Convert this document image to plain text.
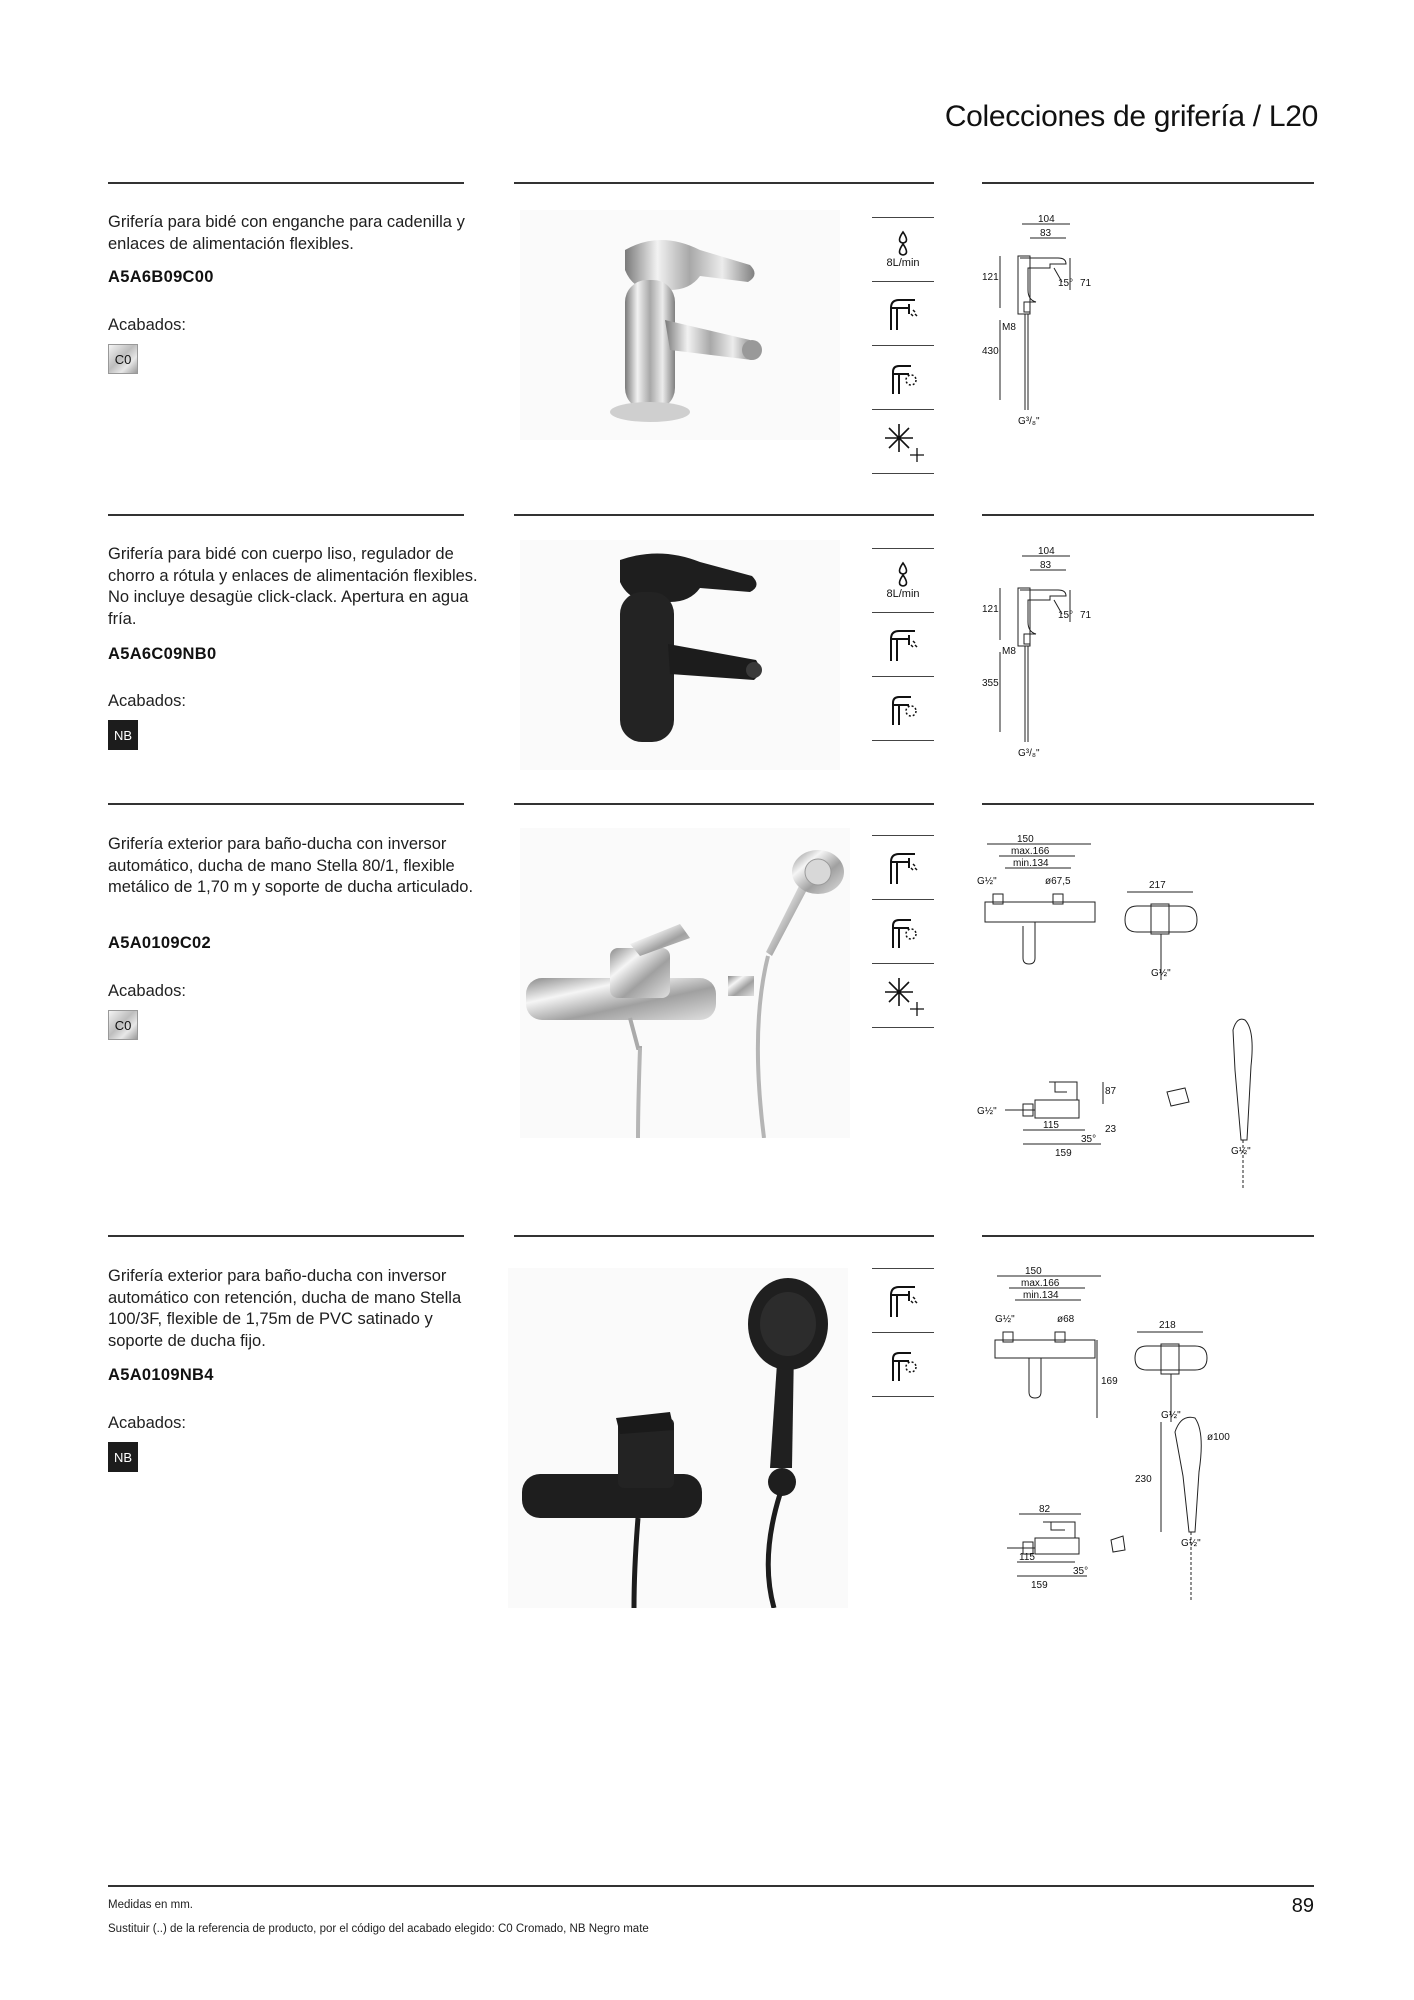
Colecciones de grifería / L20
Grifería para bidé con enganche para cadenilla y enlaces de alimentación flexibles.
A5A6B09C00
Acabados:
C0
8L/min
104
83
121
71
15°
M8
430
G³/₈"
Grifería para bidé con cuerpo liso, regulador de chorro a rótula y enlaces de alimentación flexibles. No incluye desagüe click-clack. Apertura en agua fría.
A5A6C09NB0
Acabados:
NB
8L/min
104
83
121
71
15°
M8
355
G³/₈"
Grifería exterior para baño-ducha con inversor automático, ducha de mano Stella 80/1, flexible metálico de 1,70 m y soporte de ducha articulado.
A5A0109C02
Acabados:
C0
150
max.166
min.134
G½"	ø67,5	217
G½"
G½"
87
23
35°
115
159	G½"
Grifería exterior para baño-ducha con inversor automático con retención, ducha de mano Stella 100/3F, flexible de 1,75m de PVC satinado y soporte de ducha fijo.
A5A0109NB4
Acabados:
NB
150
max.166
min.134
G½"	ø68
218
169
G½"
82
35°
115
159
ø100
230
G½"
Medidas en mm.
Sustituir (..) de la referencia de producto, por el código del acabado elegido: C0 Cromado, NB Negro mate
89
